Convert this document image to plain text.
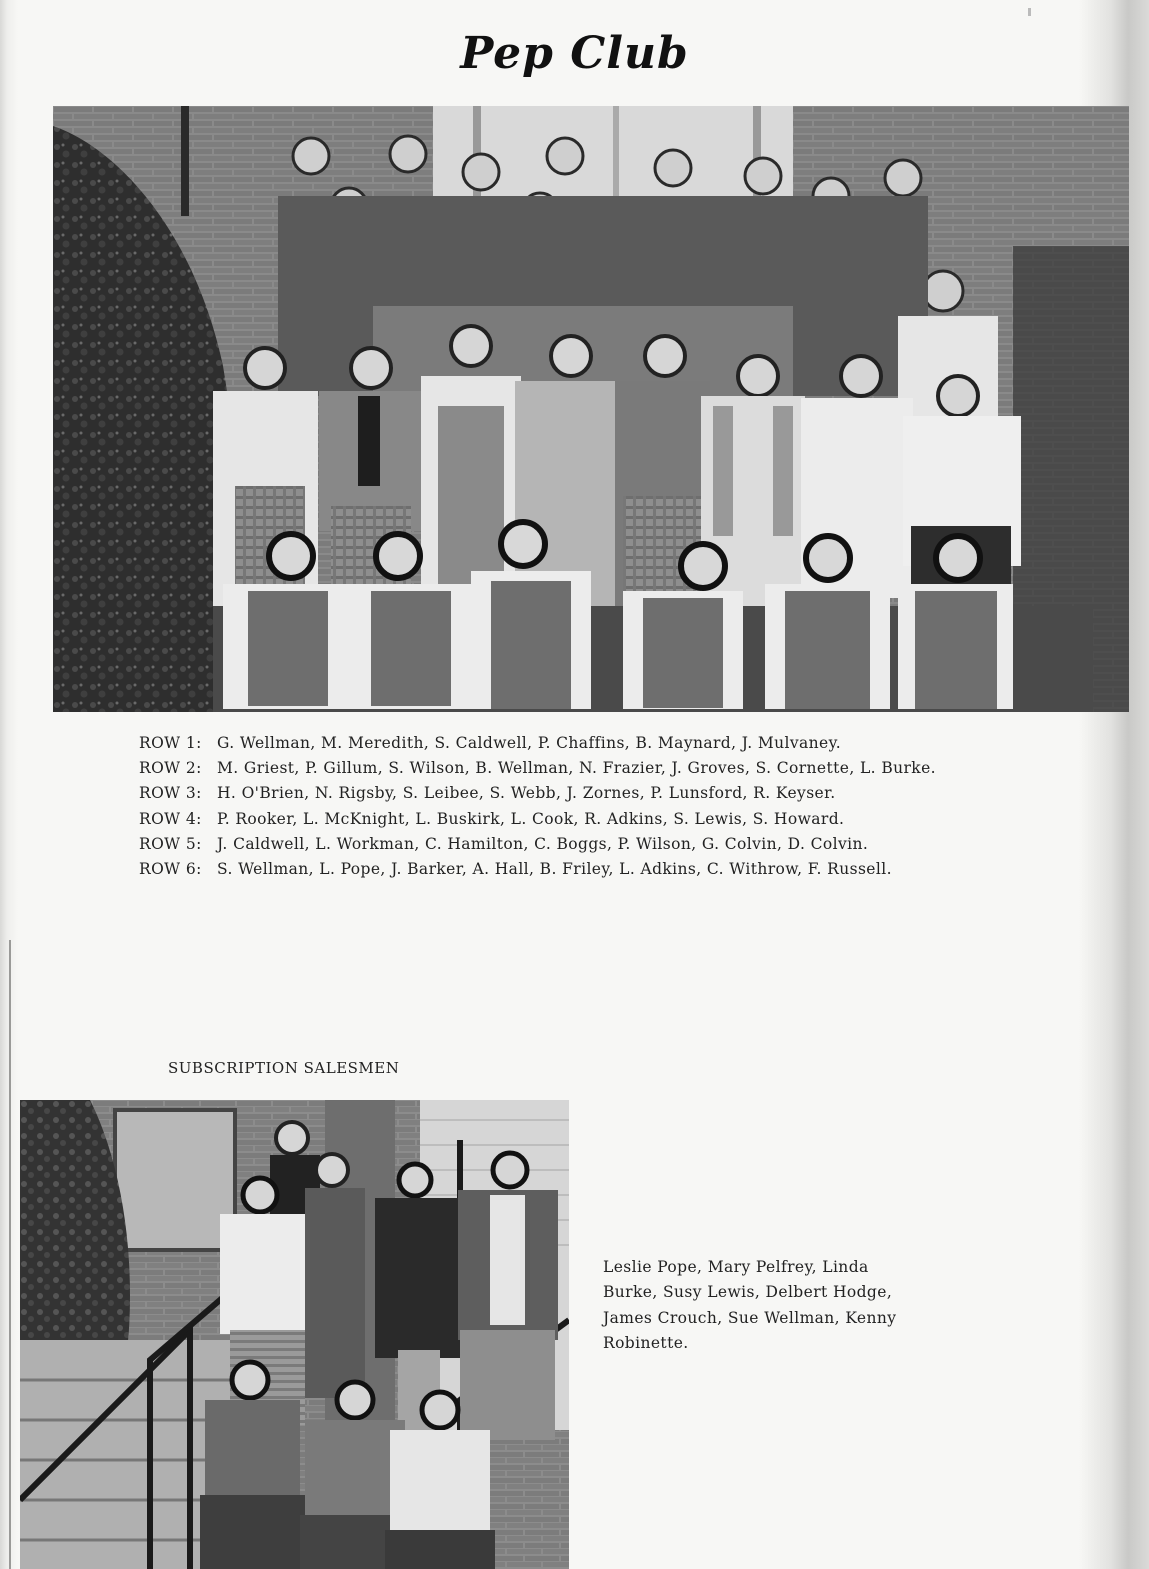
Pep Club
ROW 1: G. Wellman, M. Meredith, S. Caldwell, P. Chaffins, B. Maynard, J. Mulvaney.
ROW 2: M. Griest, P. Gillum, S. Wilson, B. Wellman, N. Frazier, J. Groves, S. Cornette, L. Burke.
ROW 3: H. O'Brien, N. Rigsby, S. Leibee, S. Webb, J. Zornes, P. Lunsford, R. Keyser.
ROW 4: P. Rooker, L. McKnight, L. Buskirk, L. Cook, R. Adkins, S. Lewis, S. Howard.
ROW 5: J. Caldwell, L. Workman, C. Hamilton, C. Boggs, P. Wilson, G. Colvin, D. Colvin.
ROW 6: S. Wellman, L. Pope, J. Barker, A. Hall, B. Friley, L. Adkins, C. Withrow, F. Russell.
SUBSCRIPTION SALESMEN
Leslie Pope, Mary Pelfrey, Linda
Burke, Susy Lewis, Delbert Hodge,
James Crouch, Sue Wellman, Kenny
Robinette.
